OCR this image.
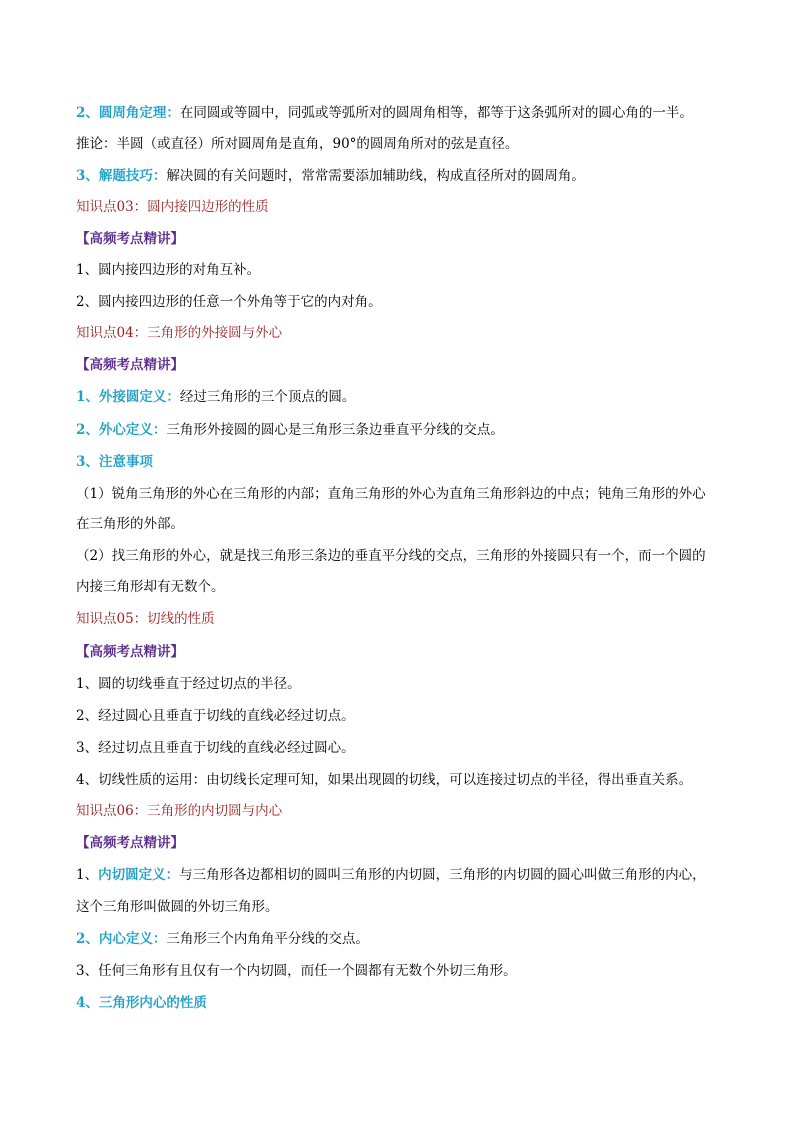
2、圆周角定理：在同圆或等圆中，同弧或等弧所对的圆周角相等，都等于这条弧所对的圆心角的一半。
推论：半圆（或直径）所对圆周角是直角，90°的圆周角所对的弦是直径。
3、解题技巧：解决圆的有关问题时，常常需要添加辅助线，构成直径所对的圆周角。
知识点03：圆内接四边形的性质
【高频考点精讲】
1、圆内接四边形的对角互补。
2、圆内接四边形的任意一个外角等于它的内对角。
知识点04：三角形的外接圆与外心
【高频考点精讲】
1、外接圆定义：经过三角形的三个顶点的圆。
2、外心定义：三角形外接圆的圆心是三角形三条边垂直平分线的交点。
3、注意事项
（1）锐角三角形的外心在三角形的内部；直角三角形的外心为直角三角形斜边的中点；钝角三角形的外心
在三角形的外部。
（2）找三角形的外心，就是找三角形三条边的垂直平分线的交点，三角形的外接圆只有一个，而一个圆的
内接三角形却有无数个。
知识点05：切线的性质
【高频考点精讲】
1、圆的切线垂直于经过切点的半径。
2、经过圆心且垂直于切线的直线必经过切点。
3、经过切点且垂直于切线的直线必经过圆心。
4、切线性质的运用：由切线长定理可知，如果出现圆的切线，可以连接过切点的半径，得出垂直关系。
知识点06：三角形的内切圆与内心
【高频考点精讲】
1、内切圆定义：与三角形各边都相切的圆叫三角形的内切圆，三角形的内切圆的圆心叫做三角形的内心，
这个三角形叫做圆的外切三角形。
2、内心定义：三角形三个内角角平分线的交点。
3、任何三角形有且仅有一个内切圆，而任一个圆都有无数个外切三角形。
4、三角形内心的性质
